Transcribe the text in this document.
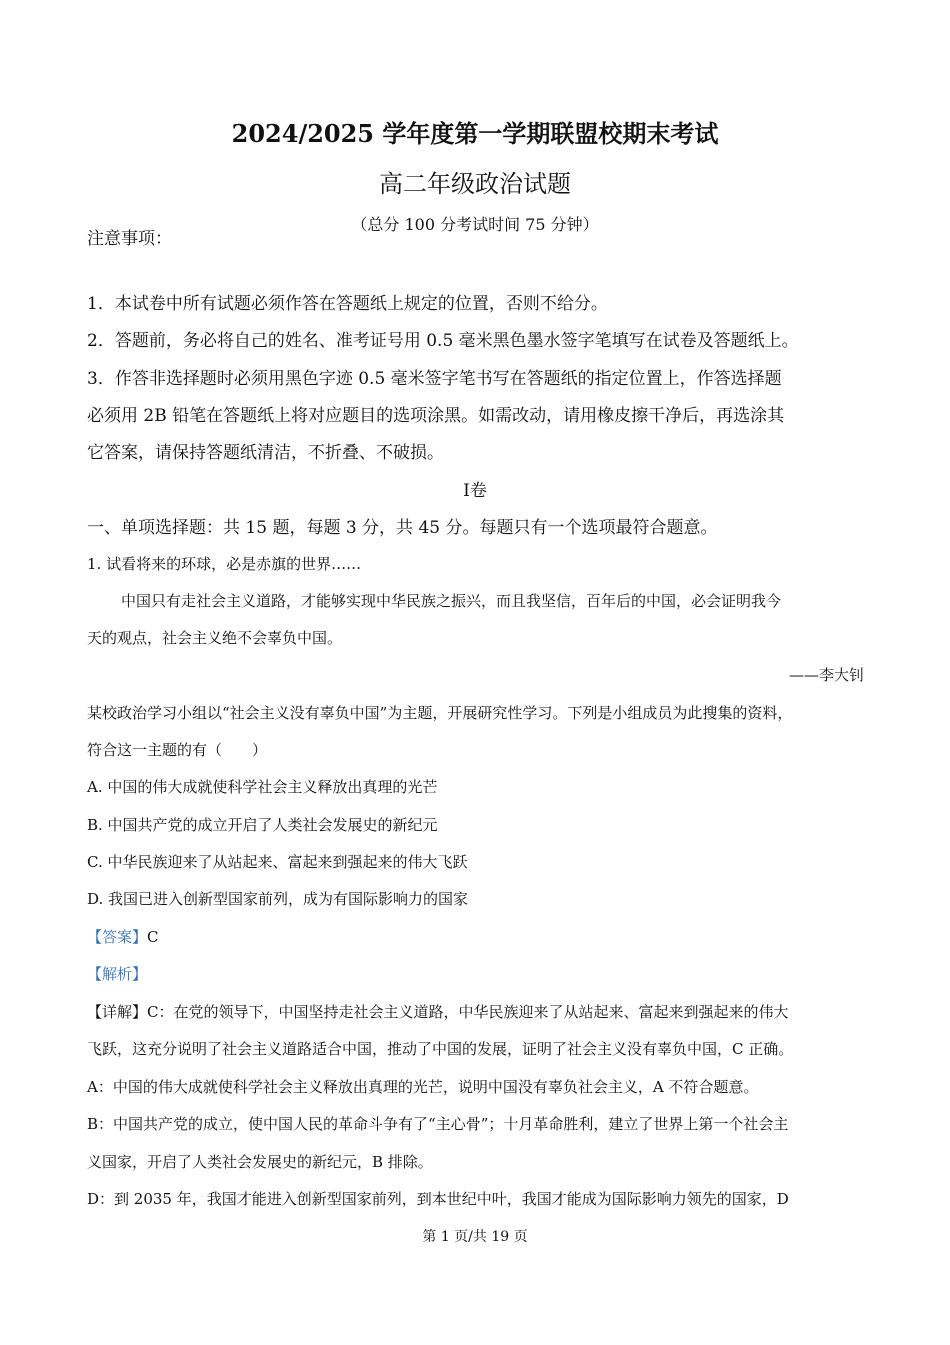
2024/2025 学年度第一学期联盟校期末考试
高二年级政治试题
（总分 100 分考试时间 75 分钟）
注意事项：
1．本试卷中所有试题必须作答在答题纸上规定的位置，否则不给分。
2．答题前，务必将自己的姓名、准考证号用 0.5 毫米黑色墨水签字笔填写在试卷及答题纸上。
3．作答非选择题时必须用黑色字迹 0.5 毫米签字笔书写在答题纸的指定位置上，作答选择题
必须用 2B 铅笔在答题纸上将对应题目的选项涂黑。如需改动，请用橡皮擦干净后，再选涂其
它答案，请保持答题纸清洁，不折叠、不破损。
Ⅰ卷
一、单项选择题：共 15 题，每题 3 分，共 45 分。每题只有一个选项最符合题意。
1. 试看将来的环球，必是赤旗的世界……
中国只有走社会主义道路，才能够实现中华民族之振兴，而且我坚信，百年后的中国，必会证明我今
天的观点，社会主义绝不会辜负中国。
——李大钊
某校政治学习小组以“社会主义没有辜负中国”为主题，开展研究性学习。下列是小组成员为此搜集的资料，
符合这一主题的有（　　）
A. 中国的伟大成就使科学社会主义释放出真理的光芒
B. 中国共产党的成立开启了人类社会发展史的新纪元
C. 中华民族迎来了从站起来、富起来到强起来的伟大飞跃
D. 我国已进入创新型国家前列，成为有国际影响力的国家
【答案】C
【解析】
【详解】C：在党的领导下，中国坚持走社会主义道路，中华民族迎来了从站起来、富起来到强起来的伟大
飞跃，这充分说明了社会主义道路适合中国，推动了中国的发展，证明了社会主义没有辜负中国，C 正确。
A：中国的伟大成就使科学社会主义释放出真理的光芒，说明中国没有辜负社会主义，A 不符合题意。
B：中国共产党的成立，使中国人民的革命斗争有了“主心骨”；十月革命胜利，建立了世界上第一个社会主
义国家，开启了人类社会发展史的新纪元，B 排除。
D：到 2035 年，我国才能进入创新型国家前列，到本世纪中叶，我国才能成为国际影响力领先的国家，D
第 1 页/共 19 页
